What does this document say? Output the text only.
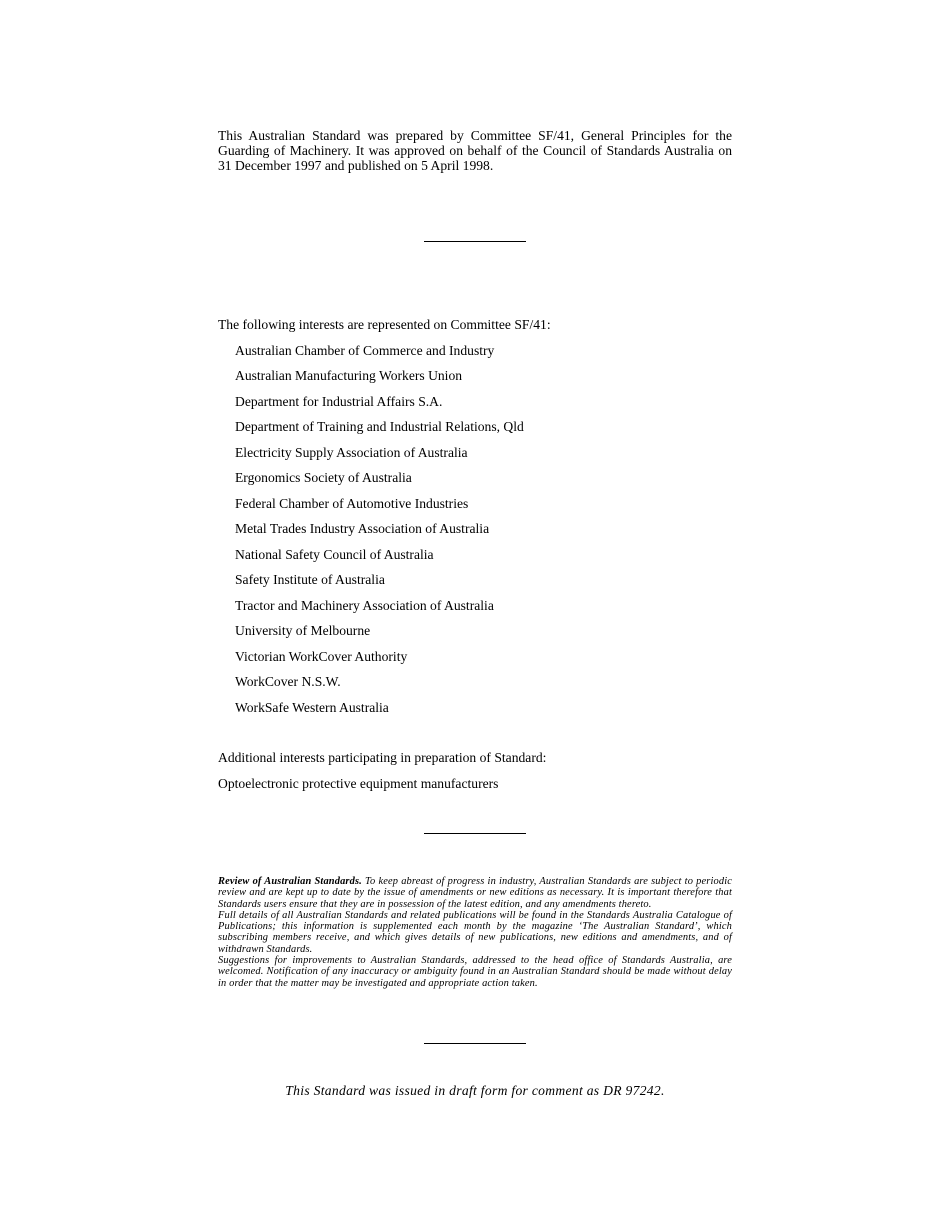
This Australian Standard was prepared by Committee SF/41, General Principles for the Guarding of Machinery. It was approved on behalf of the Council of Standards Australia on 31 December 1997 and published on 5 April 1998.

The following interests are represented on Committee SF/41:

Australian Chamber of Commerce and Industry
Australian Manufacturing Workers Union
Department for Industrial Affairs S.A.
Department of Training and Industrial Relations, Qld
Electricity Supply Association of Australia
Ergonomics Society of Australia
Federal Chamber of Automotive Industries
Metal Trades Industry Association of Australia
National Safety Council of Australia
Safety Institute of Australia
Tractor and Machinery Association of Australia
University of Melbourne
Victorian WorkCover Authority
WorkCover N.S.W.
WorkSafe Western Australia

Additional interests participating in preparation of Standard:

Optoelectronic protective equipment manufacturers

Review of Australian Standards. To keep abreast of progress in industry, Australian Standards are subject to periodic review and are kept up to date by the issue of amendments or new editions as necessary. It is important therefore that Standards users ensure that they are in possession of the latest edition, and any amendments thereto.

Full details of all Australian Standards and related publications will be found in the Standards Australia Catalogue of Publications; this information is supplemented each month by the magazine ‘The Australian Standard’, which subscribing members receive, and which gives details of new publications, new editions and amendments, and of withdrawn Standards.

Suggestions for improvements to Australian Standards, addressed to the head office of Standards Australia, are welcomed. Notification of any inaccuracy or ambiguity found in an Australian Standard should be made without delay in order that the matter may be investigated and appropriate action taken.

This Standard was issued in draft form for comment as DR 97242.
